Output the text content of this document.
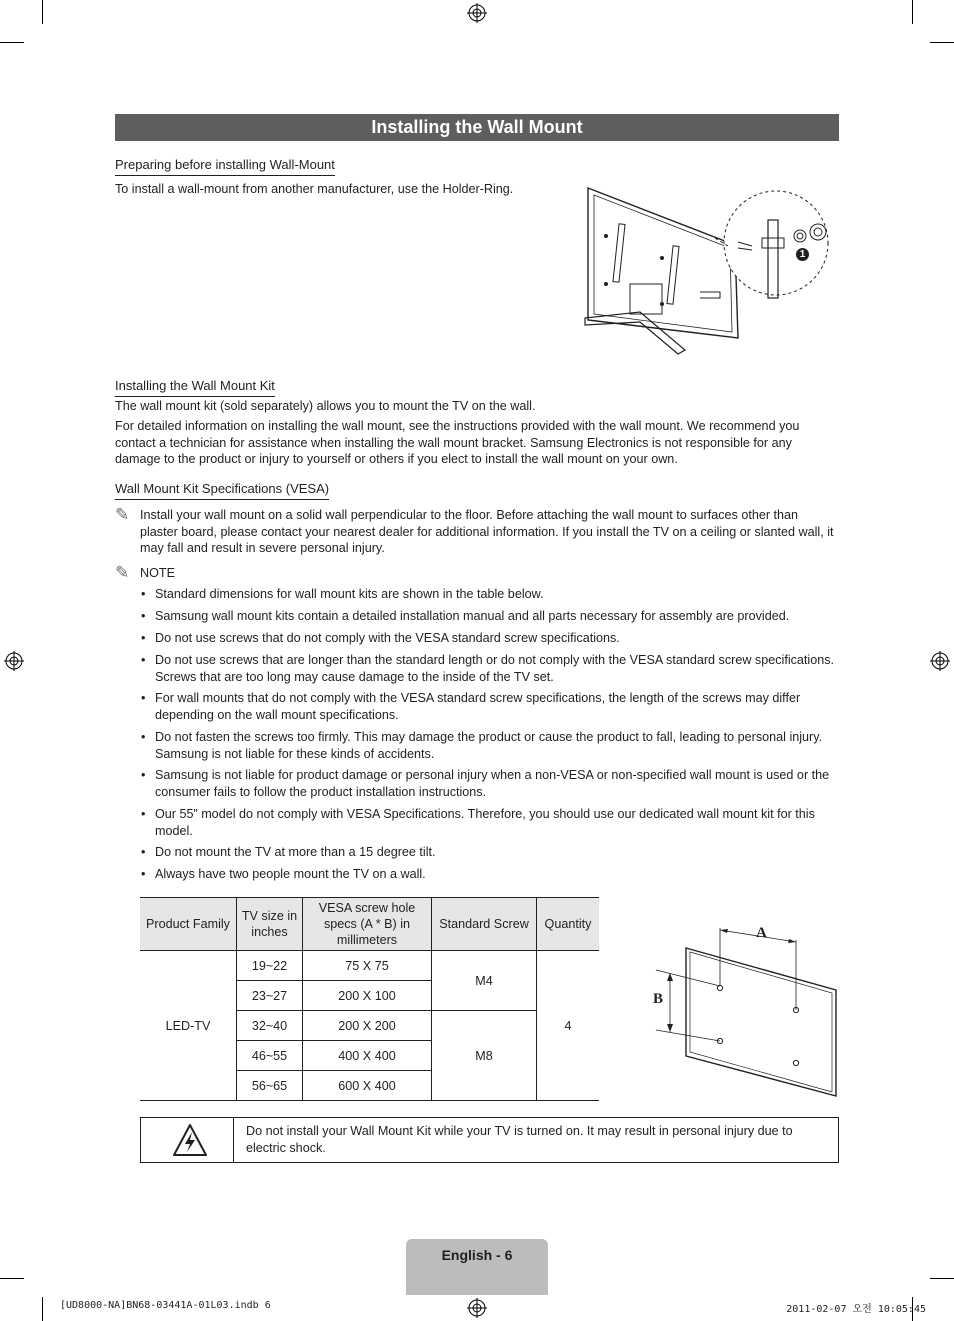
Installing the Wall Mount
Preparing before installing Wall-Mount
To install a wall-mount from another manufacturer, use the Holder-Ring.
1
Installing the Wall Mount Kit
The wall mount kit (sold separately) allows you to mount the TV on the wall.
For detailed information on installing the wall mount, see the instructions provided with the wall mount. We recommend you contact a technician for assistance when installing the wall mount bracket. Samsung Electronics is not responsible for any damage to the product or injury to yourself or others if you elect to install the wall mount on your own.
Wall Mount Kit Specifications (VESA)
✎ Install your wall mount on a solid wall perpendicular to the floor. Before attaching the wall mount to surfaces other than plaster board, please contact your nearest dealer for additional information. If you install the TV on a ceiling or slanted wall, it may fall and result in severe personal injury.
✎ NOTE
• Standard dimensions for wall mount kits are shown in the table below.
• Samsung wall mount kits contain a detailed installation manual and all parts necessary for assembly are provided.
• Do not use screws that do not comply with the VESA standard screw specifications.
• Do not use screws that are longer than the standard length or do not comply with the VESA standard screw specifications. Screws that are too long may cause damage to the inside of the TV set.
• For wall mounts that do not comply with the VESA standard screw specifications, the length of the screws may differ depending on the wall mount specifications.
• Do not fasten the screws too firmly. This may damage the product or cause the product to fall, leading to personal injury. Samsung is not liable for these kinds of accidents.
• Samsung is not liable for product damage or personal injury when a non-VESA or non-specified wall mount is used or the consumer fails to follow the product installation instructions.
• Our 55” model do not comply with VESA Specifications. Therefore, you should use our dedicated wall mount kit for this model.
• Do not mount the TV at more than a 15 degree tilt.
• Always have two people mount the TV on a wall.
Product Family	TV size in inches	VESA screw hole specs (A * B) in millimeters	Standard Screw	Quantity
LED-TV	19~22	75 X 75	M4	4
	23~27	200 X 100		
	32~40	200 X 200	M8	
	46~55	400 X 400		
	56~65	600 X 400		
A
B
Do not install your Wall Mount Kit while your TV is turned on. It may result in personal injury due to electric shock.
English - 6
[UD8000-NA]BN68-03441A-01L03.indb 6	2011-02-07 오전 10:05:45
